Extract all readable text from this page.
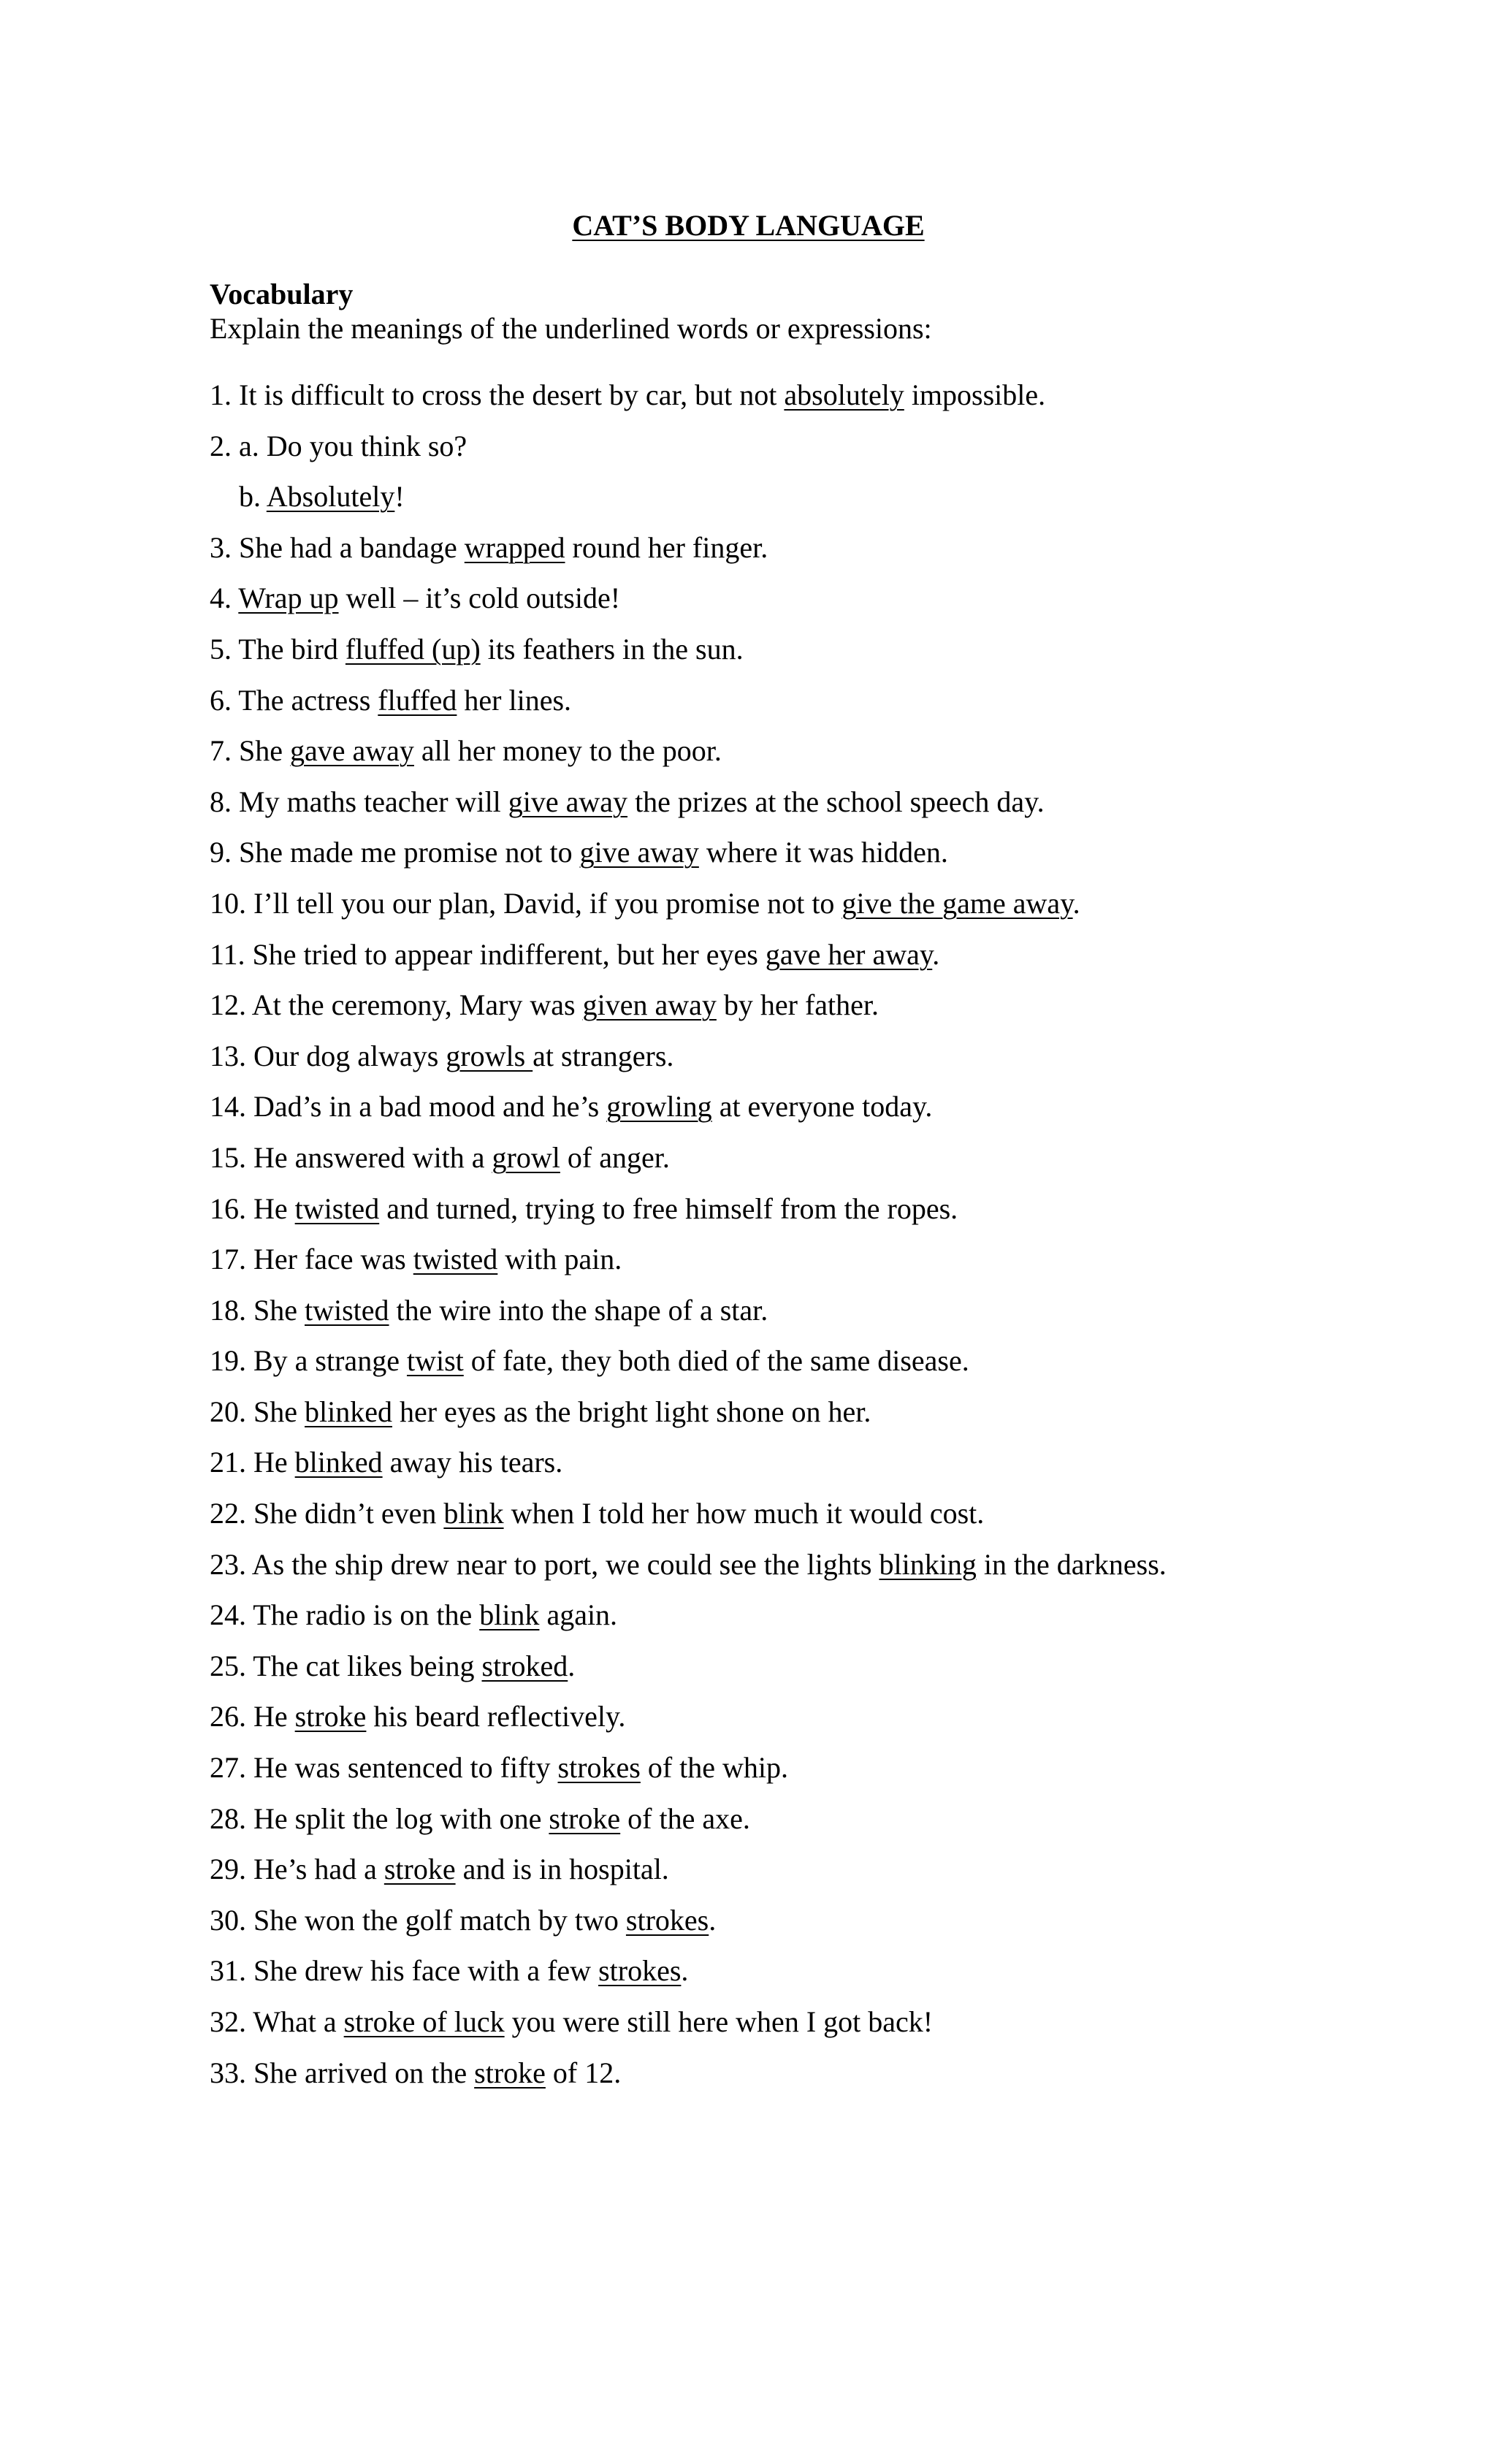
CAT’S BODY LANGUAGE
Vocabulary
Explain the meanings of the underlined words or expressions:
1. It is difficult to cross the desert by car, but not absolutely impossible.
2. a. Do you think so?
b. Absolutely!
3. She had a bandage wrapped round her finger.
4. Wrap up well – it’s cold outside!
5. The bird fluffed (up) its feathers in the sun.
6. The actress fluffed her lines.
7. She gave away all her money to the poor.
8. My maths teacher will give away the prizes at the school speech day.
9. She made me promise not to give away where it was hidden.
10. I’ll tell you our plan, David, if you promise not to give the game away.
11. She tried to appear indifferent, but her eyes gave her away.
12. At the ceremony, Mary was given away by her father.
13. Our dog always growls at strangers.
14. Dad’s in a bad mood and he’s growling at everyone today.
15. He answered with a growl of anger.
16. He twisted and turned, trying to free himself from the ropes.
17. Her face was twisted with pain.
18. She twisted the wire into the shape of a star.
19. By a strange twist of fate, they both died of the same disease.
20. She blinked her eyes as the bright light shone on her.
21. He blinked away his tears.
22. She didn’t even blink when I told her how much it would cost.
23. As the ship drew near to port, we could see the lights blinking in the darkness.
24. The radio is on the blink again.
25. The cat likes being stroked.
26. He stroke his beard reflectively.
27. He was sentenced to fifty strokes of the whip.
28. He split the log with one stroke of the axe.
29. He’s had a stroke and is in hospital.
30. She won the golf match by two strokes.
31. She drew his face with a few strokes.
32. What a stroke of luck you were still here when I got back!
33. She arrived on the stroke of 12.
